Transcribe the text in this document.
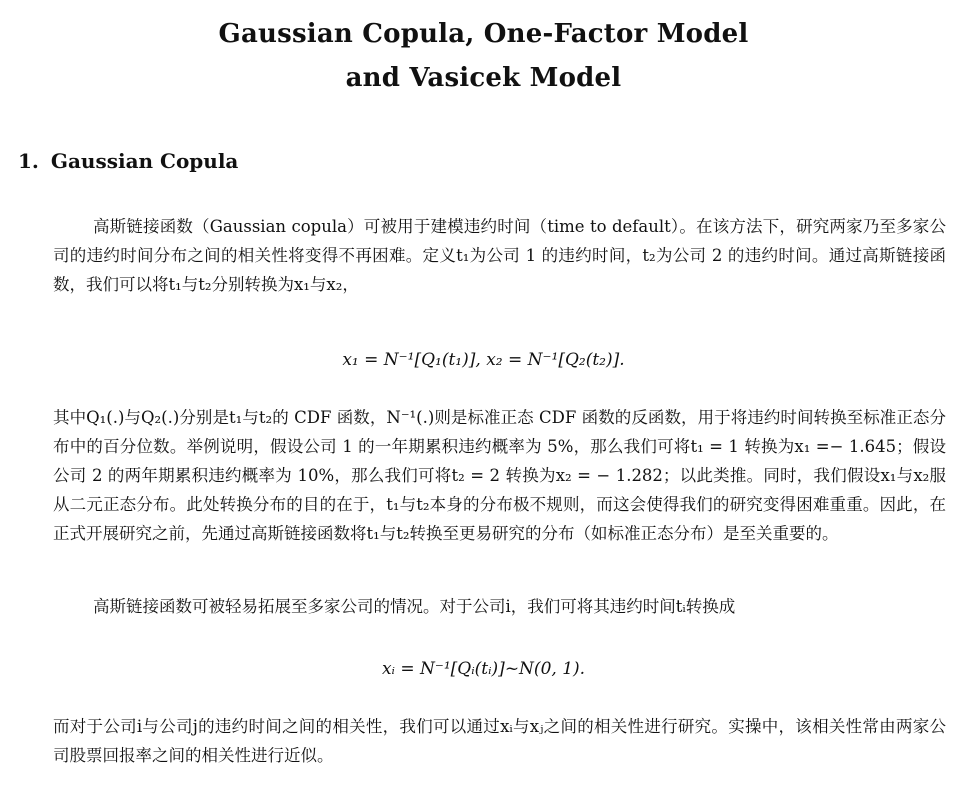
Gaussian Copula, One-Factor Model
and Vasicek Model
1. Gaussian Copula
高斯链接函数（Gaussian copula）可被用于建模违约时间（time to default）。在该方法下，研究两家乃至多家公司的违约时间分布之间的相关性将变得不再困难。定义t₁为公司 1 的违约时间，t₂为公司 2 的违约时间。通过高斯链接函数，我们可以将t₁与t₂分别转换为x₁与x₂，
x₁ = N⁻¹[Q₁(t₁)], x₂ = N⁻¹[Q₂(t₂)].
其中Q₁(.)与Q₂(.)分别是t₁与t₂的 CDF 函数，N⁻¹(.)则是标准正态 CDF 函数的反函数，用于将违约时间转换至标准正态分布中的百分位数。举例说明，假设公司 1 的一年期累积违约概率为 5%，那么我们可将t₁ = 1 转换为x₁ =− 1.645；假设公司 2 的两年期累积违约概率为 10%，那么我们可将t₂ = 2 转换为x₂ = − 1.282；以此类推。同时，我们假设x₁与x₂服从二元正态分布。此处转换分布的目的在于，t₁与t₂本身的分布极不规则，而这会使得我们的研究变得困难重重。因此，在正式开展研究之前，先通过高斯链接函数将t₁与t₂转换至更易研究的分布（如标准正态分布）是至关重要的。
高斯链接函数可被轻易拓展至多家公司的情况。对于公司i，我们可将其违约时间tᵢ转换成
xᵢ = N⁻¹[Qᵢ(tᵢ)]~N(0, 1).
而对于公司i与公司j的违约时间之间的相关性，我们可以通过xᵢ与xⱼ之间的相关性进行研究。实操中，该相关性常由两家公司股票回报率之间的相关性进行近似。
